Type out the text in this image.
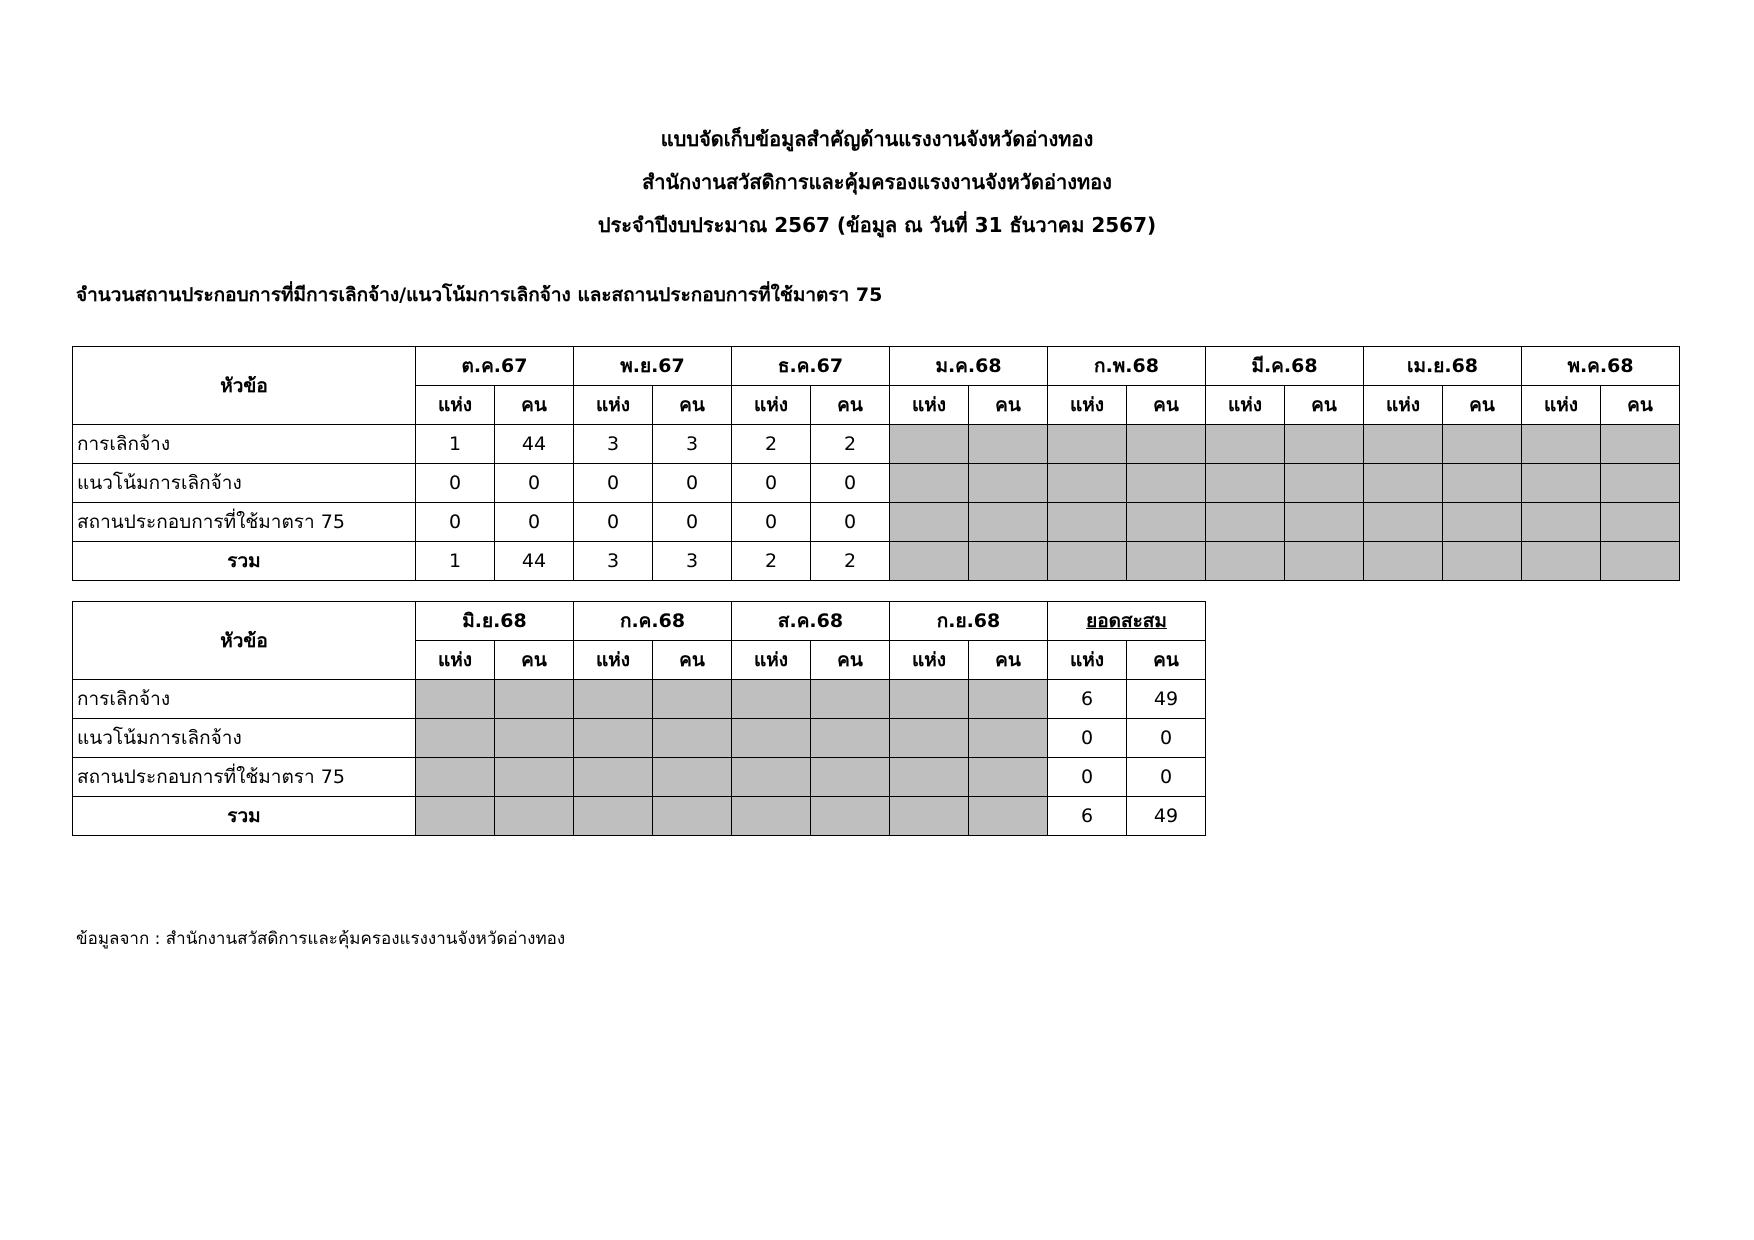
แบบจัดเก็บข้อมูลสำคัญด้านแรงงานจังหวัดอ่างทอง
สำนักงานสวัสดิการและคุ้มครองแรงงานจังหวัดอ่างทอง
ประจำปีงบประมาณ 2567 (ข้อมูล ณ วันที่ 31 ธันวาคม 2567)
จำนวนสถานประกอบการที่มีการเลิกจ้าง/แนวโน้มการเลิกจ้าง และสถานประกอบการที่ใช้มาตรา 75
หัวข้อ	ต.ค.67		พ.ย.67		ธ.ค.67		ม.ค.68		ก.พ.68		มี.ค.68		เม.ย.68		พ.ค.68	
	แห่ง	คน	แห่ง	คน	แห่ง	คน	แห่ง	คน	แห่ง	คน	แห่ง	คน	แห่ง	คน	แห่ง	คน
การเลิกจ้าง	1	44	3	3	2	2										
แนวโน้มการเลิกจ้าง	0	0	0	0	0	0										
สถานประกอบการที่ใช้มาตรา 75	0	0	0	0	0	0										
รวม	1	44	3	3	2	2										
หัวข้อ	มิ.ย.68		ก.ค.68		ส.ค.68		ก.ย.68		ยอดสะสม	
	แห่ง	คน	แห่ง	คน	แห่ง	คน	แห่ง	คน	แห่ง	คน
การเลิกจ้าง									6	49
แนวโน้มการเลิกจ้าง									0	0
สถานประกอบการที่ใช้มาตรา 75									0	0
รวม									6	49
ข้อมูลจาก : สำนักงานสวัสดิการและคุ้มครองแรงงานจังหวัดอ่างทอง
